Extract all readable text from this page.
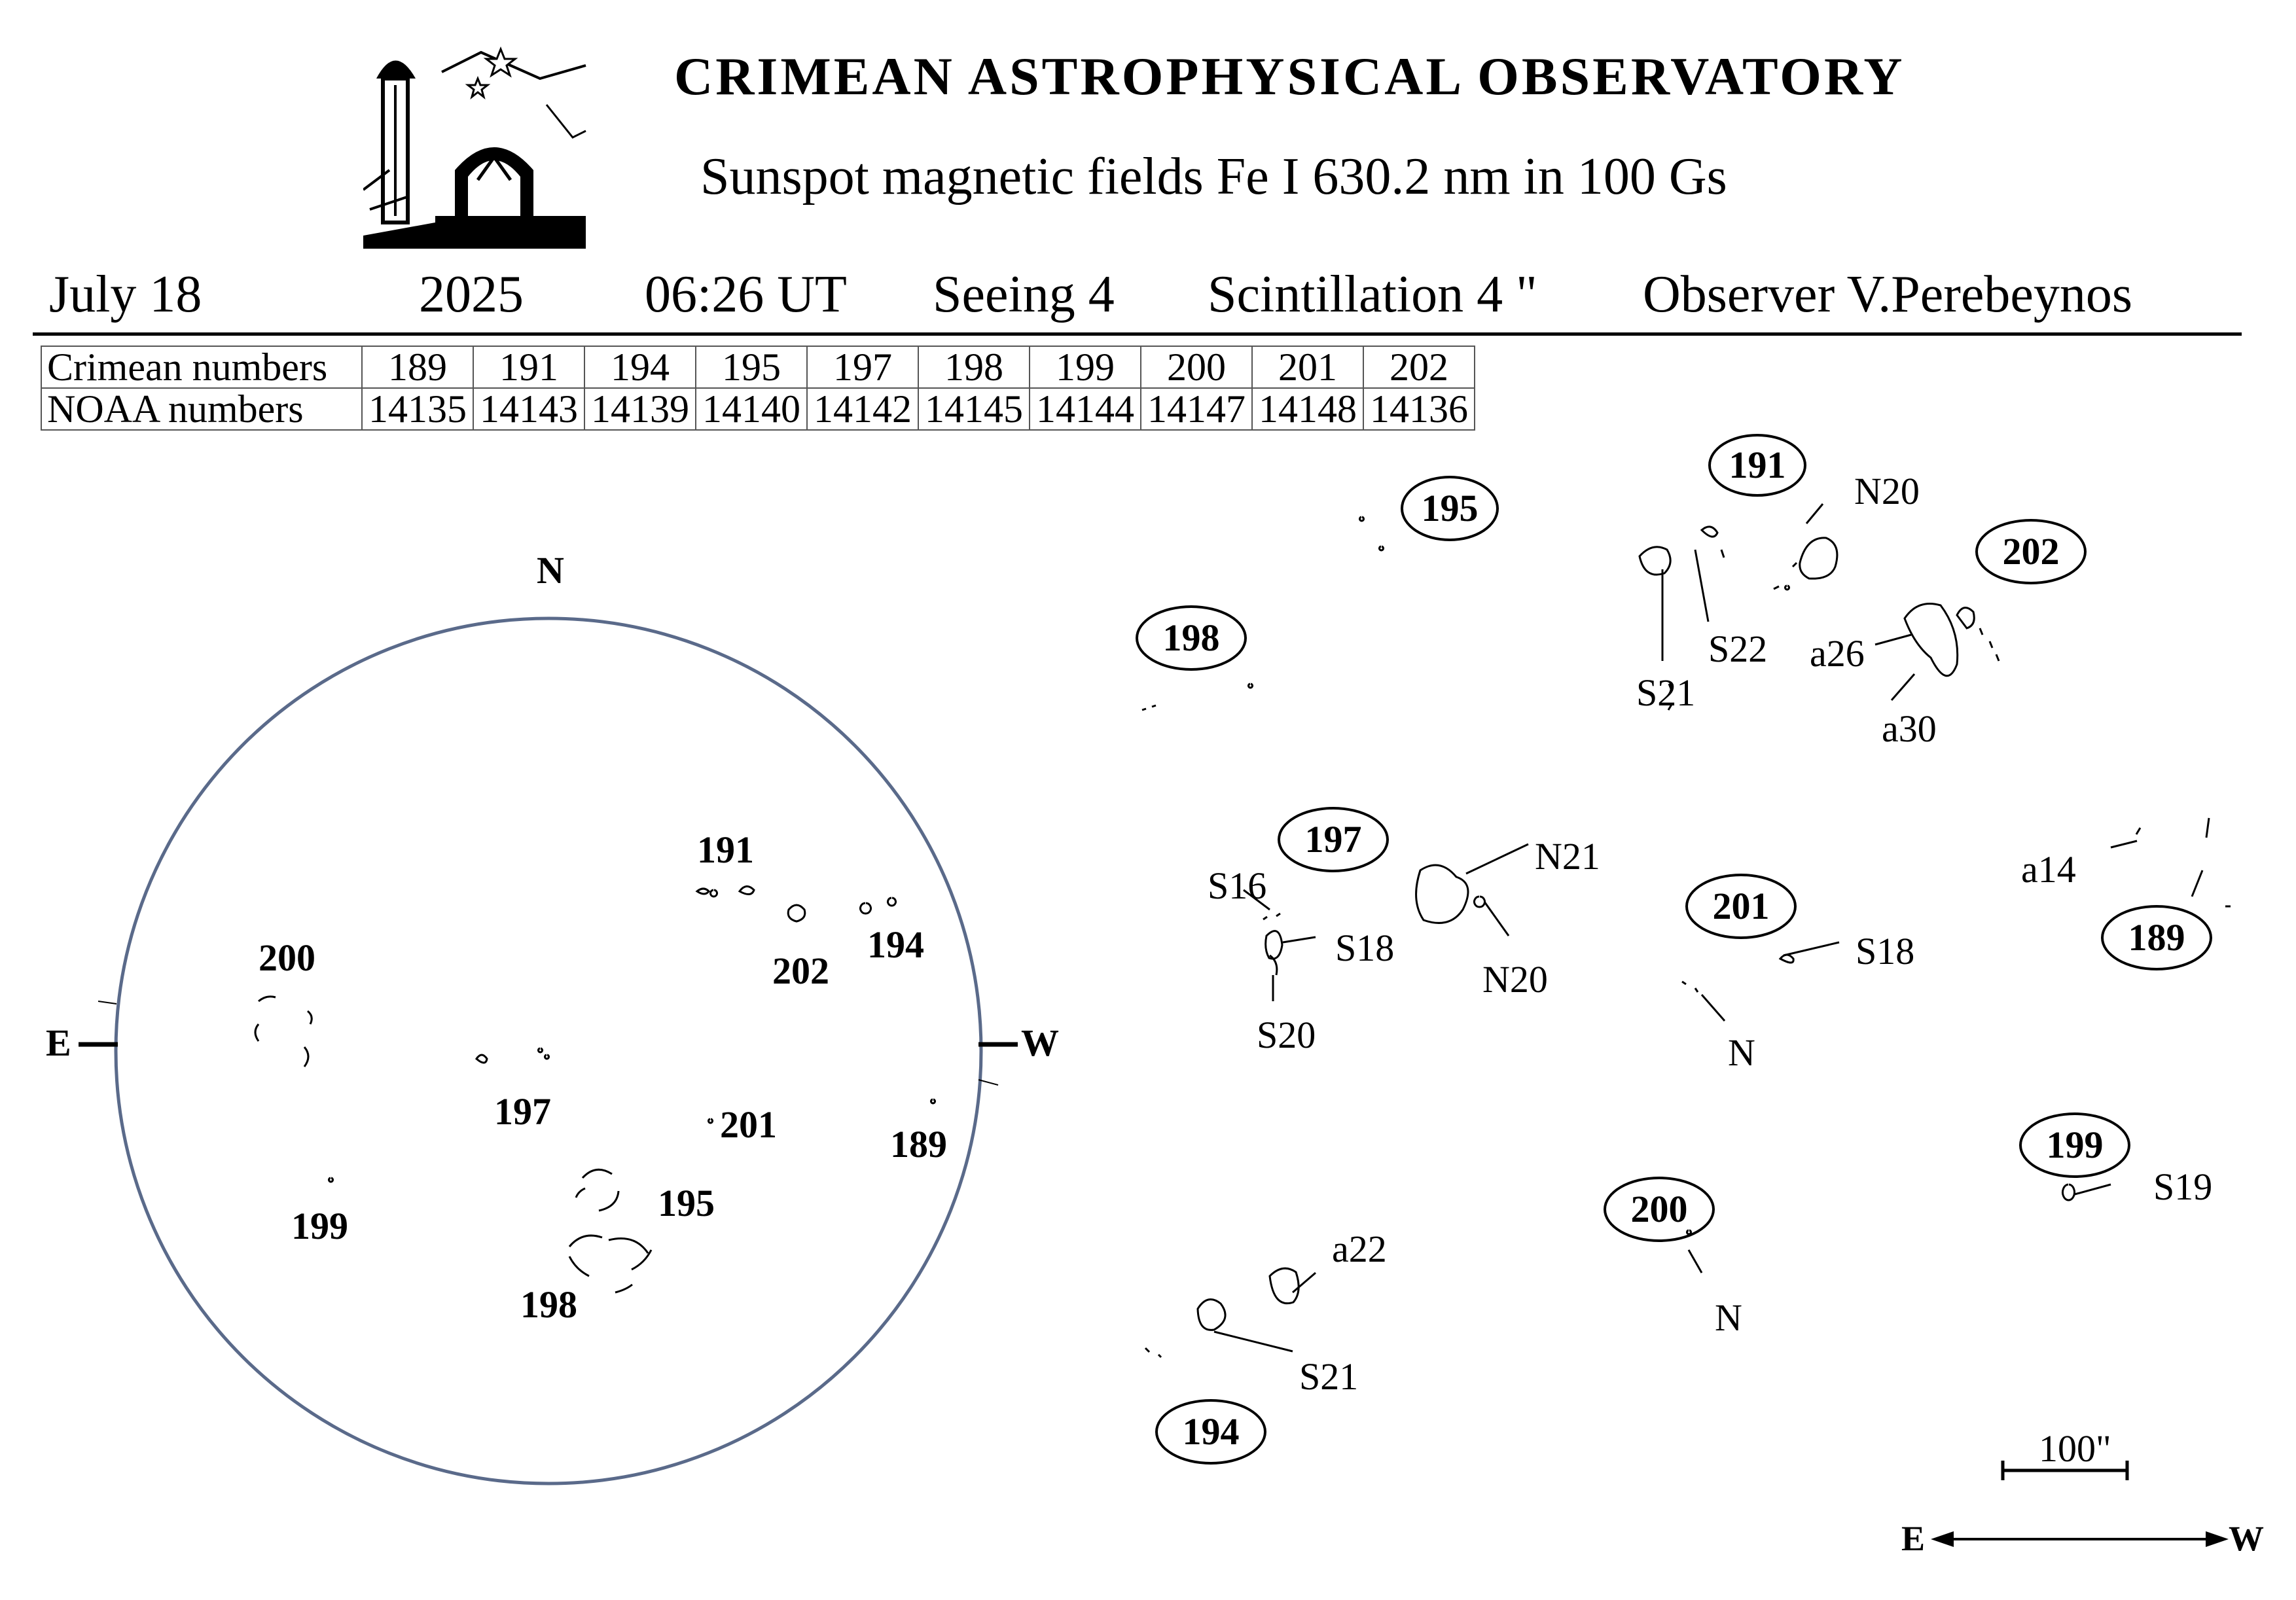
CRIMEAN ASTROPHYSICAL OBSERVATORY
Sunspot magnetic fields Fe I 630.2 nm in 100 Gs
July 18	2025 06:26 UT Seeing 4 Scintillation 4 " Observer V.Perebeynos
Crimean numbers	189	191	194	195	197	198	199	200	201	202
NOAA numbers	14135	14143	14139	14140	14142	14145	14144	14147	14148	14136
N
E	W
191
194
202
200
197	201	189
199
195
198
195
191
202
198
197
201
189
199
200
194
N20
S21
S22 a26
a30
a14
S16
S18
S20
N21
N20
S18
N
S19
N
a22
S21
100"
E	W
